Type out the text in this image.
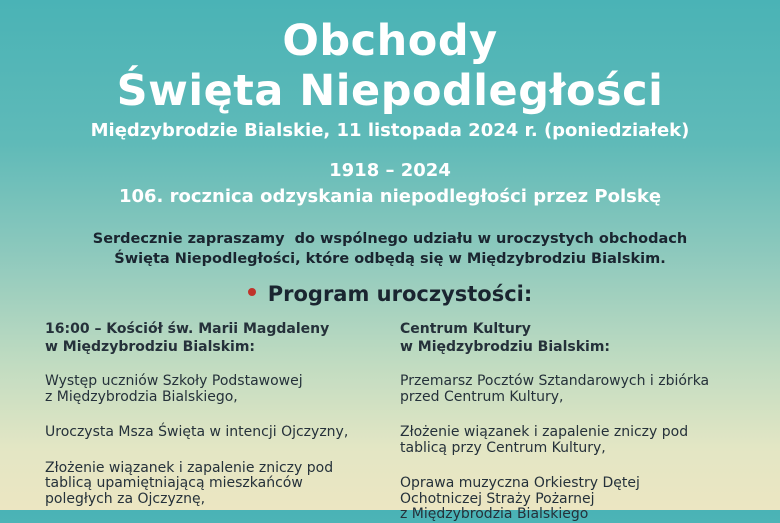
Obchody
Święta Niepodległości
Międzybrodzie Bialskie, 11 listopada 2024 r. (poniedziałek)
1918 – 2024
106. rocznica odzyskania niepodległości przez Polskę
Serdecznie zapraszamy  do wspólnego udziału w uroczystych obchodach
Święta Niepodległości, które odbędą się w Międzybrodziu Bialskim.
Program uroczystości:

16:00 – Kościół św. Marii Magdaleny

w Międzybrodziu Bialskim:

Występ uczniów Szkoły Podstawowej

z Międzybrodzia Bialskiego,

Uroczysta Msza Święta w intencji Ojczyzny,

Złożenie wiązanek i zapalenie zniczy pod

tablicą upamiętniającą mieszkańców

poległych za Ojczyznę,

Centrum Kultury

w Międzybrodziu Bialskim:

Przemarsz Pocztów Sztandarowych i zbiórka

przed Centrum Kultury,

Złożenie wiązanek i zapalenie zniczy pod

tablicą przy Centrum Kultury,

Oprawa muzyczna Orkiestry Dętej

Ochotniczej Straży Pożarnej

z Międzybrodzia Bialskiego
